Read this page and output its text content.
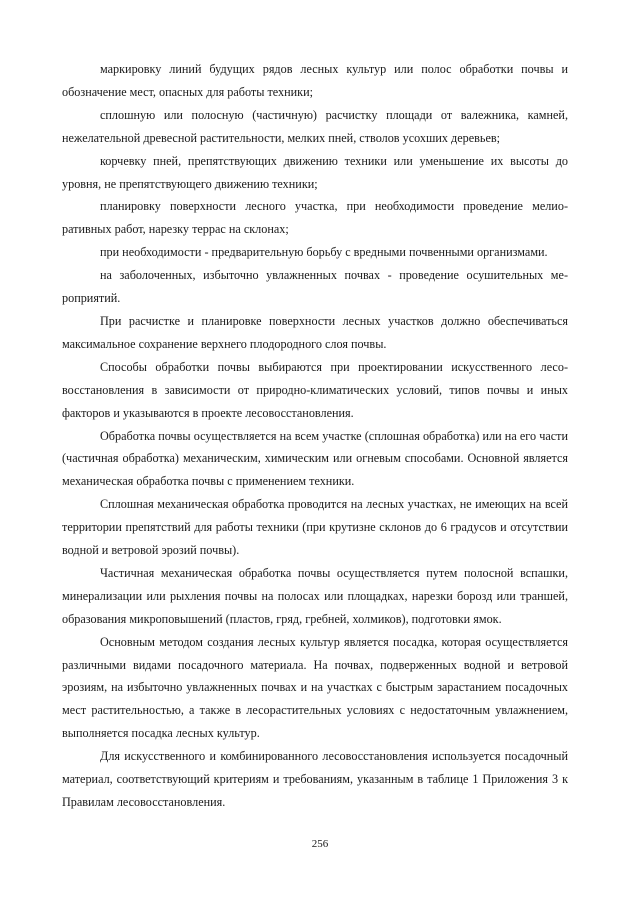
маркировку линий будущих рядов лесных культур или полос обработки почвы и обозначение мест, опасных для работы техники;

сплошную или полосную (частичную) расчистку площади от валежника, камней, нежелательной древесной растительности, мелких пней, стволов усохших деревьев;

корчевку пней, препятствующих движению техники или уменьшение их высоты до уровня, не препятствующего движению техники;

планировку поверхности лесного участка, при необходимости проведение мелиоративных работ, нарезку террас на склонах;

при необходимости - предварительную борьбу с вредными почвенными организмами.

на заболоченных, избыточно увлажненных почвах - проведение осушительных мероприятий.

При расчистке и планировке поверхности лесных участков должно обеспечиваться максимальное сохранение верхнего плодородного слоя почвы.

Способы обработки почвы выбираются при проектировании искусственного лесовосстановления в зависимости от природно-климатических условий, типов почвы и иных факторов и указываются в проекте лесовосстановления.

Обработка почвы осуществляется на всем участке (сплошная обработка) или на его части (частичная обработка) механическим, химическим или огневым способами. Основной является механическая обработка почвы с применением техники.

Сплошная механическая обработка проводится на лесных участках, не имеющих на всей территории препятствий для работы техники (при крутизне склонов до 6 градусов и отсутствии водной и ветровой эрозий почвы).

Частичная механическая обработка почвы осуществляется путем полосной вспашки, минерализации или рыхления почвы на полосах или площадках, нарезки борозд или траншей, образования микроповышений (пластов, гряд, гребней, холмиков), подготовки ямок.

Основным методом создания лесных культур является посадка, которая осуществляется различными видами посадочного материала. На почвах, подверженных водной и ветровой эрозиям, на избыточно увлажненных почвах и на участках с быстрым зарастанием посадочных мест растительностью, а также в лесорастительных условиях с недостаточным увлажнением, выполняется посадка лесных культур.

Для искусственного и комбинированного лесовосстановления используется посадочный материал, соответствующий критериям и требованиям, указанным в таблице 1 Приложения 3 к Правилам лесовосстановления.

256
